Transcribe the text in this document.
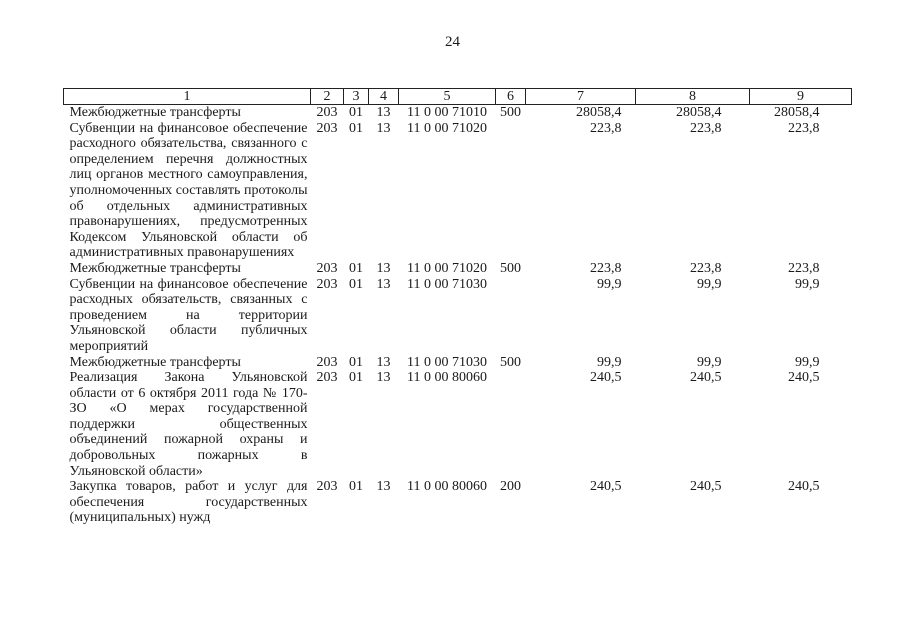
24
1	2	3	4	5	6	7	8	9
Межбюджетные трансферты	203	01	13	11 0 00 71010	500	28058,4	28058,4	28058,4
Субвенции на финансовое обеспечение расходного обязательства, связанного с определением перечня должностных лиц органов местного самоуправления, уполномоченных составлять протоколы об отдельных административных правонарушениях, предусмотренных Кодексом Ульяновской области об административных правонарушениях	203	01	13	11 0 00 71020		223,8	223,8	223,8
Межбюджетные трансферты	203	01	13	11 0 00 71020	500	223,8	223,8	223,8
Субвенции на финансовое обеспечение расходных обязательств, связанных с проведением на территории Ульяновской области публичных мероприятий	203	01	13	11 0 00 71030		99,9	99,9	99,9
Межбюджетные трансферты	203	01	13	11 0 00 71030	500	99,9	99,9	99,9
Реализация Закона Ульяновской области от 6 октября 2011 года № 170-ЗО «О мерах государственной поддержки общественных объединений пожарной охраны и добровольных пожарных в Ульяновской области»	203	01	13	11 0 00 80060		240,5	240,5	240,5
Закупка товаров, работ и услуг для обеспечения государственных (муниципальных) нужд	203	01	13	11 0 00 80060	200	240,5	240,5	240,5
